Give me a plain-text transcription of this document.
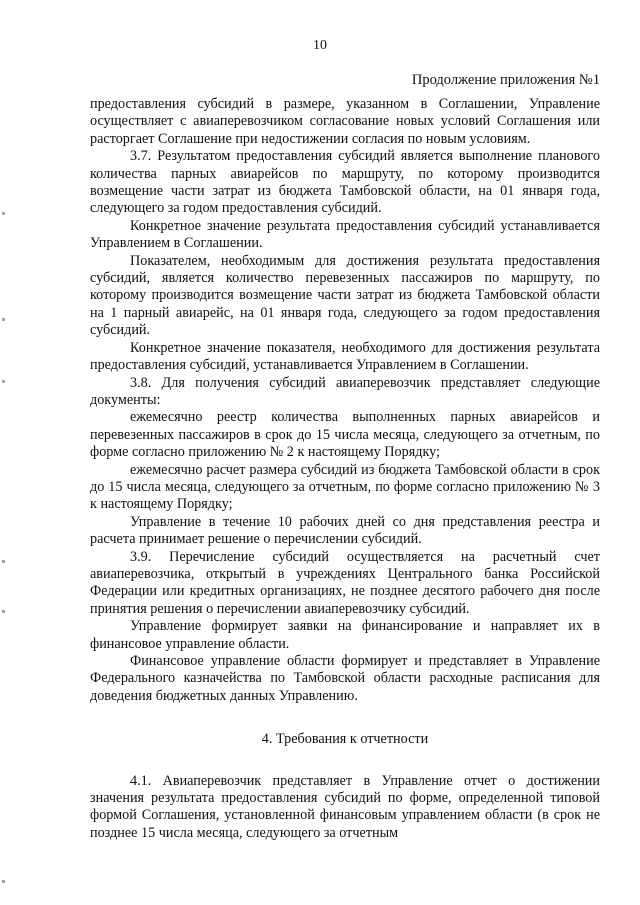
10
Продолжение приложения №1

предоставления субсидий в размере, указанном в Соглашении, Управление осуществляет с авиаперевозчиком согласование новых условий Соглашения или расторгает Соглашение при недостижении согласия по новым условиям.

3.7. Результатом предоставления субсидий является выполнение планового количества парных авиарейсов по маршруту, по которому производится возмещение части затрат из бюджета Тамбовской области, на 01 января года, следующего за годом предоставления субсидий.

Конкретное значение результата предоставления субсидий устанавливается Управлением в Соглашении.

Показателем, необходимым для достижения результата предоставления субсидий, является количество перевезенных пассажиров по маршруту, по которому производится возмещение части затрат из бюджета Тамбовской области на 1 парный авиарейс, на 01 января года, следующего за годом предоставления субсидий.

Конкретное значение показателя, необходимого для достижения результата предоставления субсидий, устанавливается Управлением в Соглашении.

3.8. Для получения субсидий авиаперевозчик представляет следующие документы:

ежемесячно реестр количества выполненных парных авиарейсов и перевезенных пассажиров в срок до 15 числа месяца, следующего за отчетным, по форме согласно приложению № 2 к настоящему Порядку;

ежемесячно расчет размера субсидий из бюджета Тамбовской области в срок до 15 числа месяца, следующего за отчетным, по форме согласно приложению № 3 к настоящему Порядку;

Управление в течение 10 рабочих дней со дня представления реестра и расчета принимает решение о перечислении субсидий.

3.9. Перечисление субсидий осуществляется на расчетный счет авиаперевозчика, открытый в учреждениях Центрального банка Российской Федерации или кредитных организациях, не позднее десятого рабочего дня после принятия решения о перечислении авиаперевозчику субсидий.

Управление формирует заявки на финансирование и направляет их в финансовое управление области.

Финансовое управление области формирует и представляет в Управление Федерального казначейства по Тамбовской области расходные расписания для доведения бюджетных данных Управлению.

4. Требования к отчетности

4.1. Авиаперевозчик представляет в Управление отчет о достижении значения результата предоставления субсидий по форме, определенной типовой формой Соглашения, установленной финансовым управлением области (в срок не позднее 15 числа месяца, следующего за отчетным
